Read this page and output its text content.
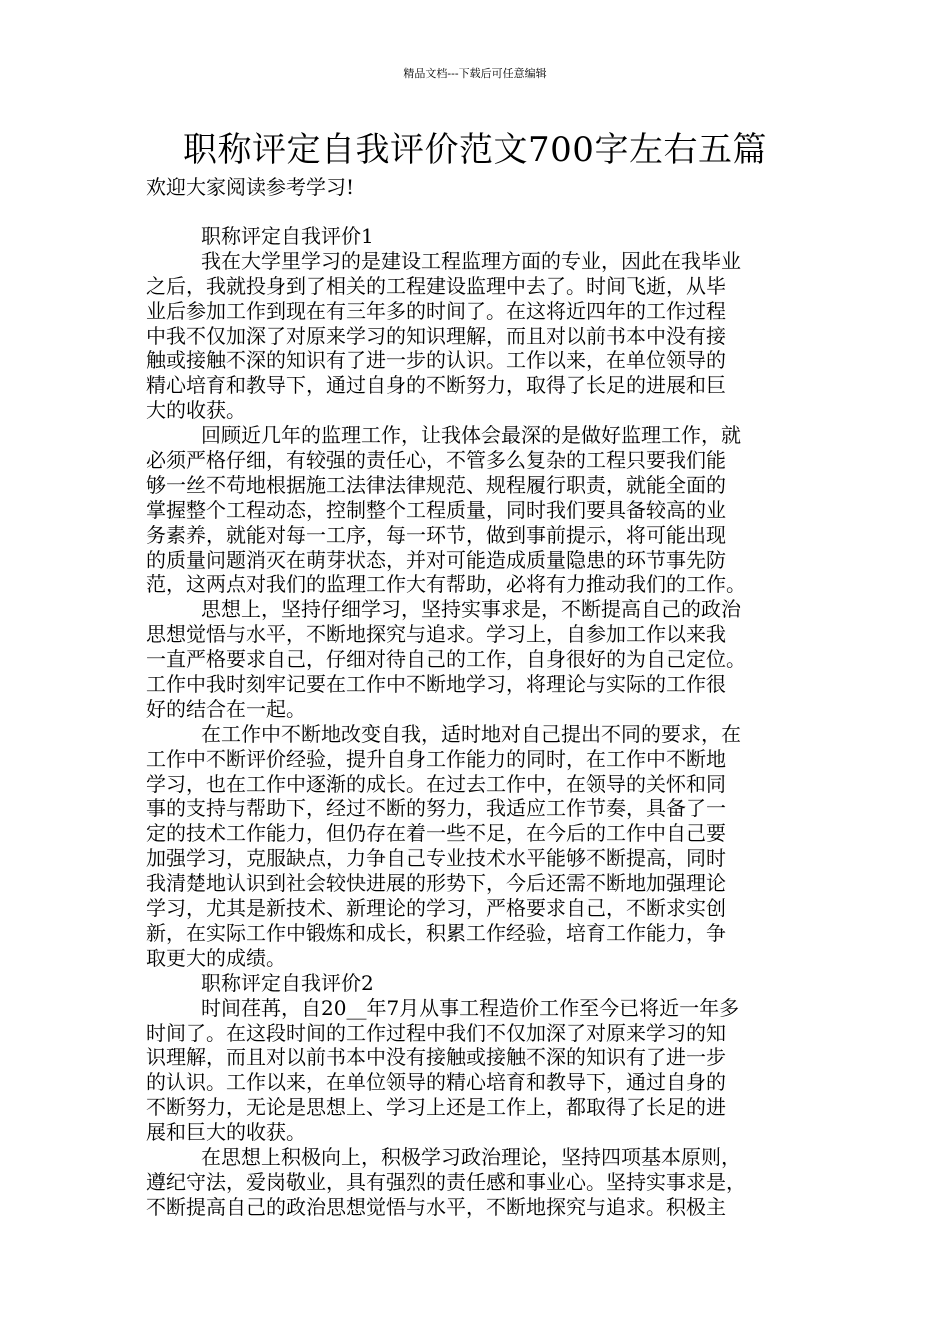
精品文档---下载后可任意编辑
职称评定自我评价范文700字左右五篇
欢迎大家阅读参考学习!
职称评定自我评价1
我在大学里学习的是建设工程监理方面的专业，因此在我毕业
之后，我就投身到了相关的工程建设监理中去了。时间飞逝，从毕
业后参加工作到现在有三年多的时间了。在这将近四年的工作过程
中我不仅加深了对原来学习的知识理解，而且对以前书本中没有接
触或接触不深的知识有了进一步的认识。工作以来，在单位领导的
精心培育和教导下，通过自身的不断努力，取得了长足的进展和巨
大的收获。
回顾近几年的监理工作，让我体会最深的是做好监理工作，就
必须严格仔细，有较强的责任心，不管多么复杂的工程只要我们能
够一丝不苟地根据施工法律法律规范、规程履行职责，就能全面的
掌握整个工程动态，控制整个工程质量，同时我们要具备较高的业
务素养，就能对每一工序，每一环节，做到事前提示，将可能出现
的质量问题消灭在萌芽状态，并对可能造成质量隐患的环节事先防
范，这两点对我们的监理工作大有帮助，必将有力推动我们的工作。
思想上，坚持仔细学习，坚持实事求是，不断提高自己的政治
思想觉悟与水平，不断地探究与追求。学习上，自参加工作以来我
一直严格要求自己，仔细对待自己的工作，自身很好的为自己定位。
工作中我时刻牢记要在工作中不断地学习，将理论与实际的工作很
好的结合在一起。
在工作中不断地改变自我，适时地对自己提出不同的要求，在
工作中不断评价经验，提升自身工作能力的同时，在工作中不断地
学习，也在工作中逐渐的成长。在过去工作中，在领导的关怀和同
事的支持与帮助下，经过不断的努力，我适应工作节奏，具备了一
定的技术工作能力，但仍存在着一些不足，在今后的工作中自己要
加强学习，克服缺点，力争自己专业技术水平能够不断提高，同时
我清楚地认识到社会较快进展的形势下，今后还需不断地加强理论
学习，尤其是新技术、新理论的学习，严格要求自己，不断求实创
新，在实际工作中锻炼和成长，积累工作经验，培育工作能力，争
取更大的成绩。
职称评定自我评价2
时间荏苒，自20__年7月从事工程造价工作至今已将近一年多
时间了。在这段时间的工作过程中我们不仅加深了对原来学习的知
识理解，而且对以前书本中没有接触或接触不深的知识有了进一步
的认识。工作以来，在单位领导的精心培育和教导下，通过自身的
不断努力，无论是思想上、学习上还是工作上，都取得了长足的进
展和巨大的收获。
在思想上积极向上，积极学习政治理论，坚持四项基本原则，
遵纪守法，爱岗敬业，具有强烈的责任感和事业心。坚持实事求是，
不断提高自己的政治思想觉悟与水平，不断地探究与追求。积极主
